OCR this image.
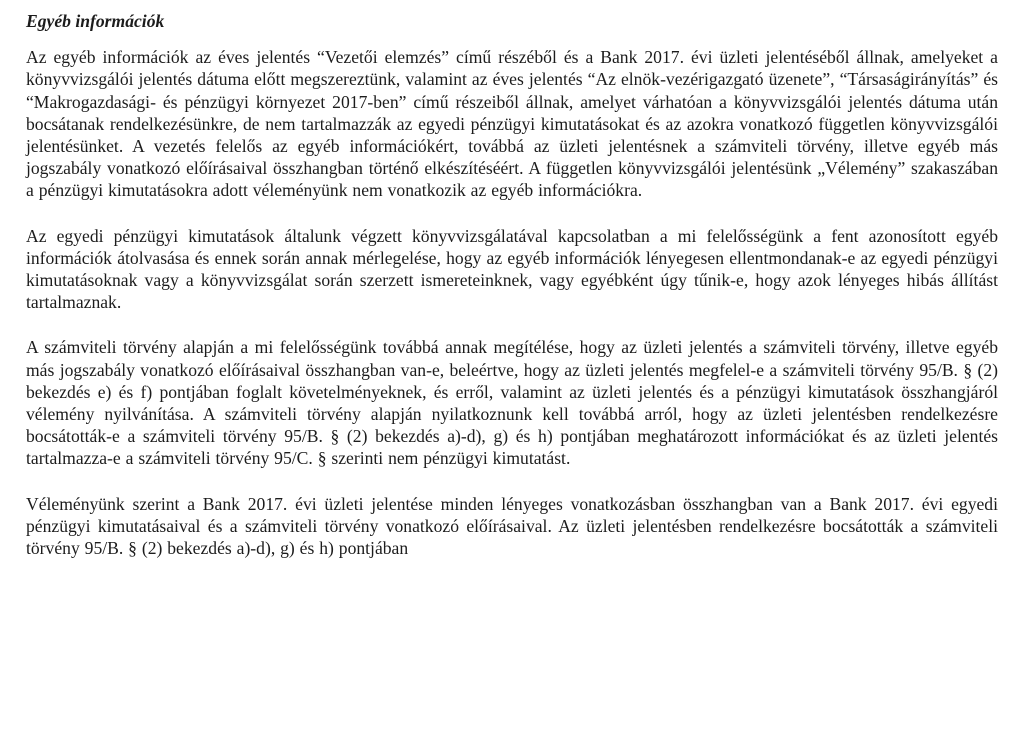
Egyéb információk

Az egyéb információk az éves jelentés “Vezetői elemzés” című részéből és a Bank 2017. évi üzleti jelentéséből állnak, amelyeket a könyvvizsgálói jelentés dátuma előtt megszereztünk, valamint az éves jelentés “Az elnök-vezérigazgató üzenete”, “Társaságirányítás” és “Makrogazdasági- és pénzügyi környezet 2017-ben” című részeiből állnak, amelyet várhatóan a könyvvizsgálói jelentés dátuma után bocsátanak rendelkezésünkre, de nem tartalmazzák az egyedi pénzügyi kimutatásokat és az azokra vonatkozó független könyvvizsgálói jelentésünket. A vezetés felelős az egyéb információkért, továbbá az üzleti jelentésnek a számviteli törvény, illetve egyéb más jogszabály vonatkozó előírásaival összhangban történő elkészítéséért. A független könyvvizsgálói jelentésünk „Vélemény” szakaszában a pénzügyi kimutatásokra adott véleményünk nem vonatkozik az egyéb információkra.

Az egyedi pénzügyi kimutatások általunk végzett könyvvizsgálatával kapcsolatban a mi felelősségünk a fent azonosított egyéb információk átolvasása és ennek során annak mérlegelése, hogy az egyéb információk lényegesen ellentmondanak-e az egyedi pénzügyi kimutatásoknak vagy a könyvvizsgálat során szerzett ismereteinknek, vagy egyébként úgy tűnik-e, hogy azok lényeges hibás állítást tartalmaznak.

A számviteli törvény alapján a mi felelősségünk továbbá annak megítélése, hogy az üzleti jelentés a számviteli törvény, illetve egyéb más jogszabály vonatkozó előírásaival összhangban van-e, beleértve, hogy az üzleti jelentés megfelel-e a számviteli törvény 95/B. § (2) bekezdés e) és f) pontjában foglalt követelményeknek, és erről, valamint az üzleti jelentés és a pénzügyi kimutatások összhangjáról vélemény nyilvánítása. A számviteli törvény alapján nyilatkoznunk kell továbbá arról, hogy az üzleti jelentésben rendelkezésre bocsátották-e a számviteli törvény 95/B. § (2) bekezdés a)-d), g) és h) pontjában meghatározott információkat és az üzleti jelentés tartalmazza-e a számviteli törvény 95/C. § szerinti nem pénzügyi kimutatást.

Véleményünk szerint a Bank 2017. évi üzleti jelentése minden lényeges vonatkozásban összhangban van a Bank 2017. évi egyedi pénzügyi kimutatásaival és a számviteli törvény vonatkozó előírásaival. Az üzleti jelentésben rendelkezésre bocsátották a számviteli törvény 95/B. § (2) bekezdés a)-d), g) és h) pontjában
